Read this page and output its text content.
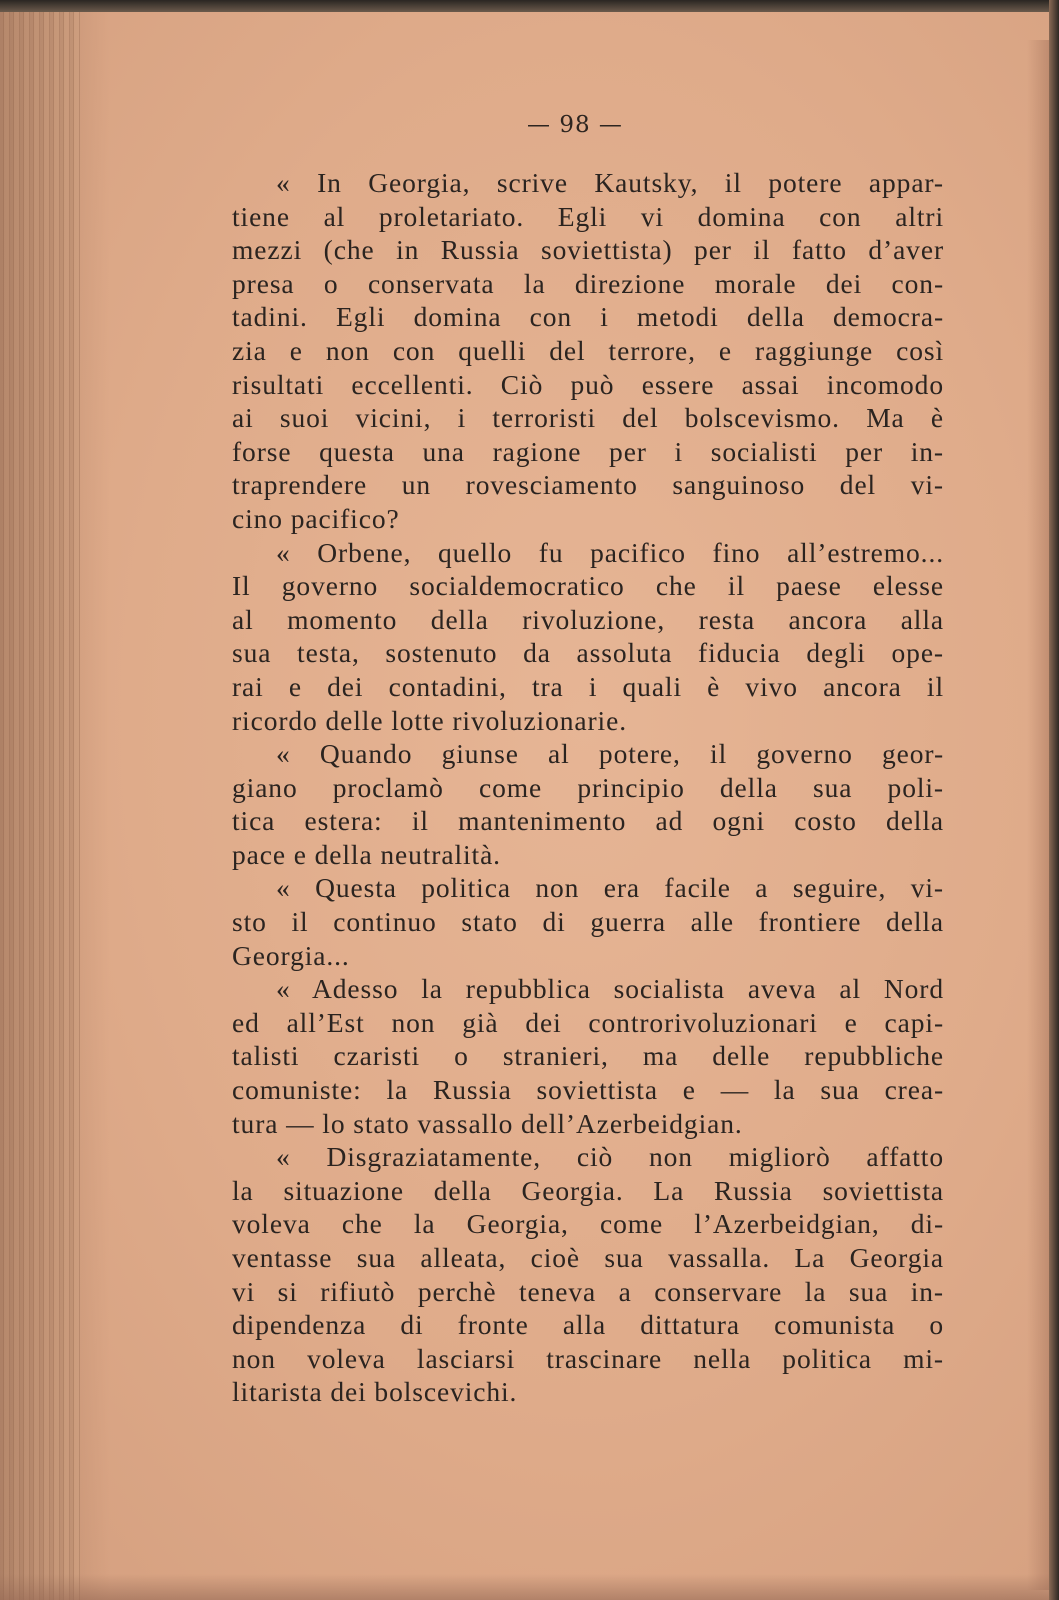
— 98 —
« In Georgia, scrive Kautsky, il potere appar-
tiene al proletariato. Egli vi domina con altri
mezzi (che in Russia soviettista) per il fatto d’aver
presa o conservata la direzione morale dei con-
tadini. Egli domina con i metodi della democra-
zia e non con quelli del terrore, e raggiunge così
risultati eccellenti. Ciò può essere assai incomodo
ai suoi vicini, i terroristi del bolscevismo. Ma è
forse questa una ragione per i socialisti per in-
traprendere un rovesciamento sanguinoso del vi-
cino pacifico?
« Orbene, quello fu pacifico fino all’estremo...
Il governo socialdemocratico che il paese elesse
al momento della rivoluzione, resta ancora alla
sua testa, sostenuto da assoluta fiducia degli ope-
rai e dei contadini, tra i quali è vivo ancora il
ricordo delle lotte rivoluzionarie.
« Quando giunse al potere, il governo geor-
giano proclamò come principio della sua poli-
tica estera: il mantenimento ad ogni costo della
pace e della neutralità.
« Questa politica non era facile a seguire, vi-
sto il continuo stato di guerra alle frontiere della
Georgia...
« Adesso la repubblica socialista aveva al Nord
ed all’Est non già dei controrivoluzionari e capi-
talisti czaristi o stranieri, ma delle repubbliche
comuniste: la Russia soviettista e — la sua crea-
tura — lo stato vassallo dell’Azerbeidgian.
« Disgraziatamente, ciò non migliorò affatto
la situazione della Georgia. La Russia soviettista
voleva che la Georgia, come l’Azerbeidgian, di-
ventasse sua alleata, cioè sua vassalla. La Georgia
vi si rifiutò perchè teneva a conservare la sua in-
dipendenza di fronte alla dittatura comunista o
non voleva lasciarsi trascinare nella politica mi-
litarista dei bolscevichi.
